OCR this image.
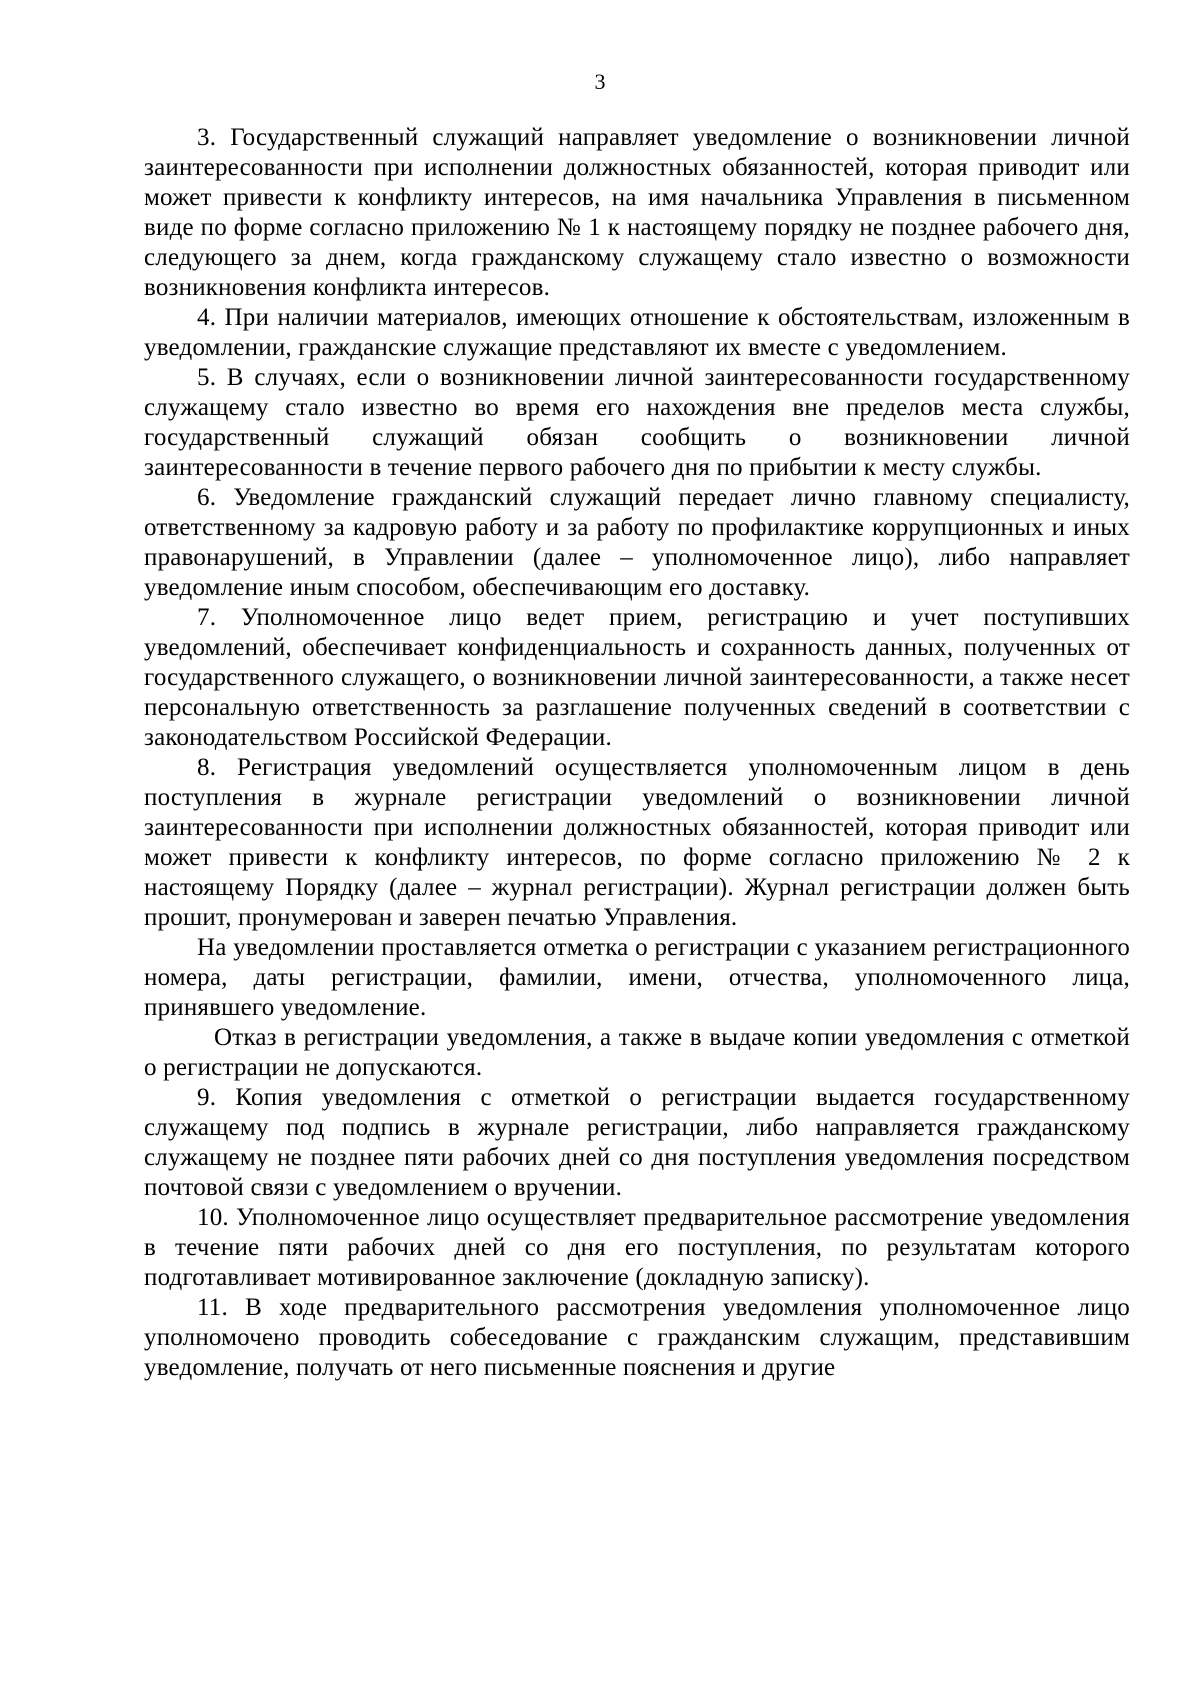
3

3. Государственный служащий направляет уведомление о возникновении личной заинтересованности при исполнении должностных обязанностей, которая приводит или может привести к конфликту интересов, на имя начальника Управления в письменном виде по форме согласно приложению № 1 к настоящему порядку не позднее рабочего дня, следующего за днем, когда гражданскому служащему стало известно о возможности возникновения конфликта интересов.

4. При наличии материалов, имеющих отношение к обстоятельствам, изложенным в уведомлении, гражданские служащие представляют их вместе с уведомлением.

5. В случаях, если о возникновении личной заинтересованности государственному служащему стало известно во время его нахождения вне пределов места службы, государственный служащий обязан сообщить о возникновении личной заинтересованности в течение первого рабочего дня по прибытии к месту службы.

6. Уведомление гражданский служащий передает лично главному специалисту, ответственному за кадровую работу и за работу по профилактике коррупционных и иных правонарушений, в Управлении (далее – уполномоченное лицо), либо направляет уведомление иным способом, обеспечивающим его доставку.

7. Уполномоченное лицо ведет прием, регистрацию и учет поступивших уведомлений, обеспечивает конфиденциальность и сохранность данных, полученных от государственного служащего, о возникновении личной заинтересованности, а также несет персональную ответственность за разглашение полученных сведений в соответствии с законодательством Российской Федерации.

8. Регистрация уведомлений осуществляется уполномоченным лицом в день поступления в журнале регистрации уведомлений о возникновении личной заинтересованности при исполнении должностных обязанностей, которая приводит или может привести к конфликту интересов, по форме согласно приложению № 2 к настоящему Порядку (далее – журнал регистрации). Журнал регистрации должен быть прошит, пронумерован и заверен печатью Управления.

На уведомлении проставляется отметка о регистрации с указанием регистрационного номера, даты регистрации, фамилии, имени, отчества, уполномоченного лица, принявшего уведомление.

Отказ в регистрации уведомления, а также в выдаче копии уведомления с отметкой о регистрации не допускаются.

9. Копия уведомления с отметкой о регистрации выдается государственному служащему под подпись в журнале регистрации, либо направляется гражданскому служащему не позднее пяти рабочих дней со дня поступления уведомления посредством почтовой связи с уведомлением о вручении.

10. Уполномоченное лицо осуществляет предварительное рассмотрение уведомления в течение пяти рабочих дней со дня его поступления, по результатам которого подготавливает мотивированное заключение (докладную записку).

11. В ходе предварительного рассмотрения уведомления уполномоченное лицо уполномочено проводить собеседование с гражданским служащим, представившим уведомление, получать от него письменные пояснения и другие
